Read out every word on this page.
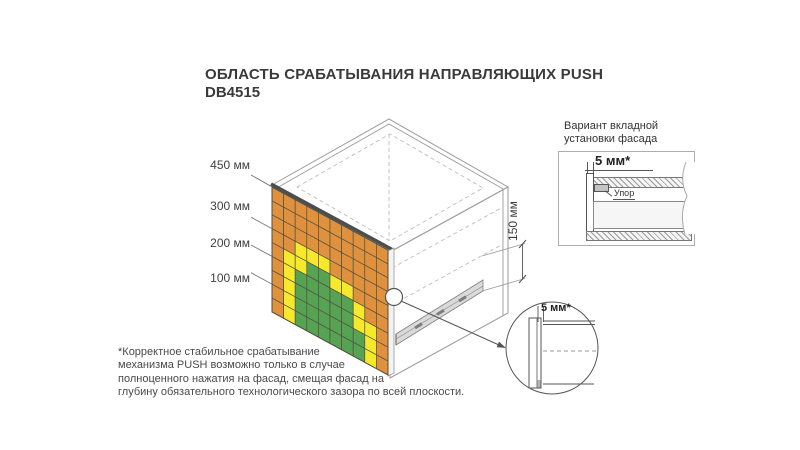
ОБЛАСТЬ СРАБАТЫВАНИЯ НАПРАВЛЯЮЩИХ PUSH
DB4515
450 мм
300 мм
200 мм
100 мм
150 мм
Вариант вкладной
установки фасада
5 мм*
Упор
5 мм*
*Корректное стабильное срабатывание
механизма PUSH возможно только в случае
полноценного нажатия на фасад, смещая фасад на
глубину обязательного технологического зазора по всей плоскости.
